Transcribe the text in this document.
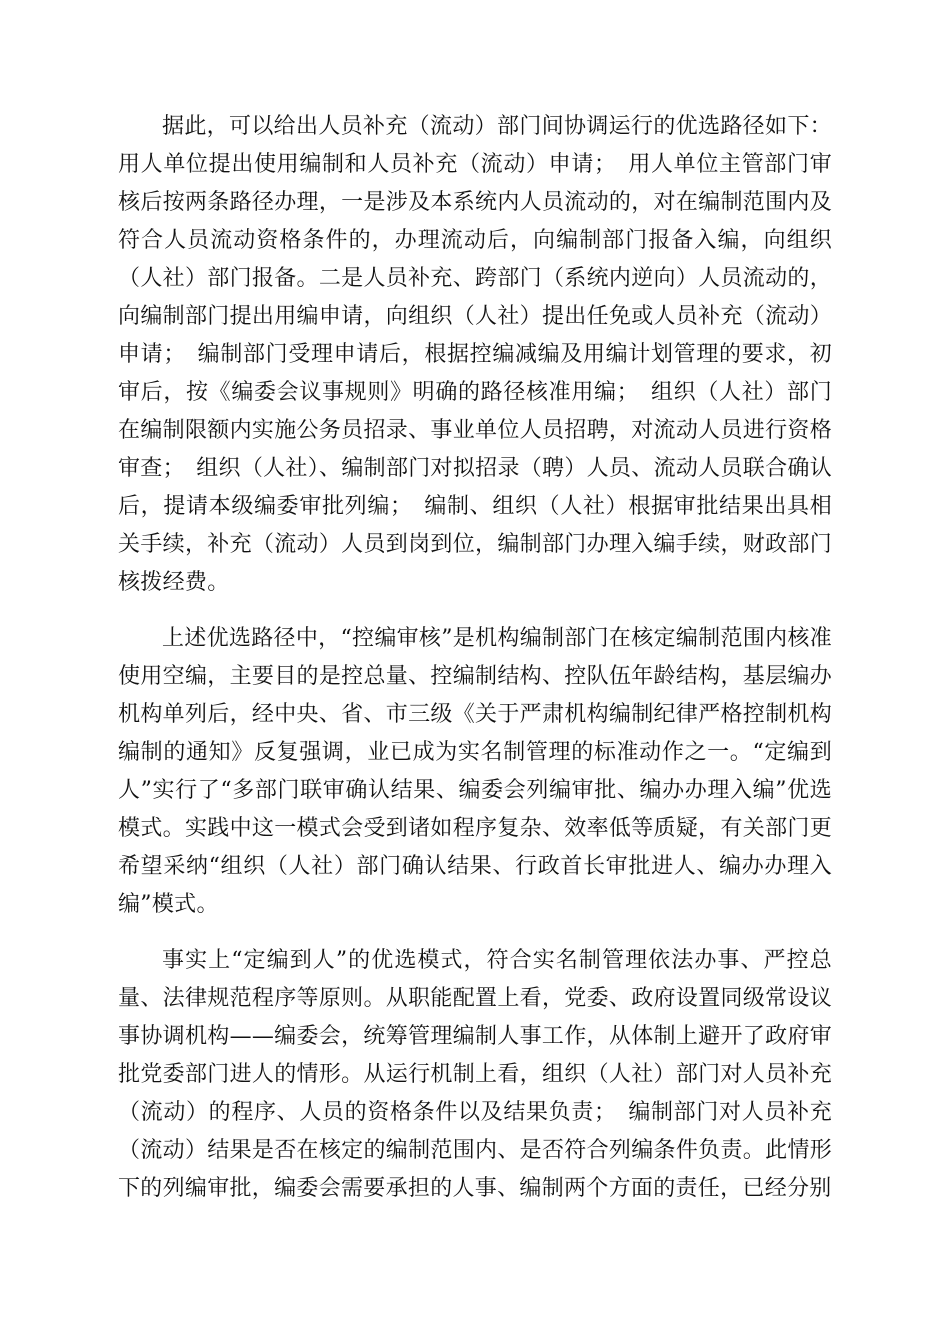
据此，可以给出人员补充（流动）部门间协调运行的优选路径如下：用人单位提出使用编制和人员补充（流动）申请；　用人单位主管部门审核后按两条路径办理，一是涉及本系统内人员流动的，对在编制范围内及符合人员流动资格条件的，办理流动后，向编制部门报备入编，向组织（人社）部门报备。二是人员补充、跨部门（系统内逆向）人员流动的，向编制部门提出用编申请，向组织（人社）提出任免或人员补充（流动）申请；　编制部门受理申请后，根据控编减编及用编计划管理的要求，初审后，按《编委会议事规则》明确的路径核准用编；　组织（人社）部门在编制限额内实施公务员招录、事业单位人员招聘，对流动人员进行资格审查；　组织（人社）、编制部门对拟招录（聘）人员、流动人员联合确认后，提请本级编委审批列编；　编制、组织（人社）根据审批结果出具相关手续，补充（流动）人员到岗到位，编制部门办理入编手续，财政部门核拨经费。

上述优选路径中，“控编审核”是机构编制部门在核定编制范围内核准使用空编，主要目的是控总量、控编制结构、控队伍年龄结构，基层编办机构单列后，经中央、省、市三级《关于严肃机构编制纪律严格控制机构编制的通知》反复强调，业已成为实名制管理的标准动作之一。“定编到人”实行了“多部门联审确认结果、编委会列编审批、编办办理入编”优选模式。实践中这一模式会受到诸如程序复杂、效率低等质疑，有关部门更希望采纳“组织（人社）部门确认结果、行政首长审批进人、编办办理入编”模式。

事实上“定编到人”的优选模式，符合实名制管理依法办事、严控总量、法律规范程序等原则。从职能配置上看，党委、政府设置同级常设议事协调机构——编委会，统筹管理编制人事工作，从体制上避开了政府审批党委部门进人的情形。从运行机制上看，组织（人社）部门对人员补充（流动）的程序、人员的资格条件以及结果负责；　编制部门对人员补充（流动）结果是否在核定的编制范围内、是否符合列编条件负责。此情形下的列编审批，编委会需要承担的人事、编制两个方面的责任，已经分别
